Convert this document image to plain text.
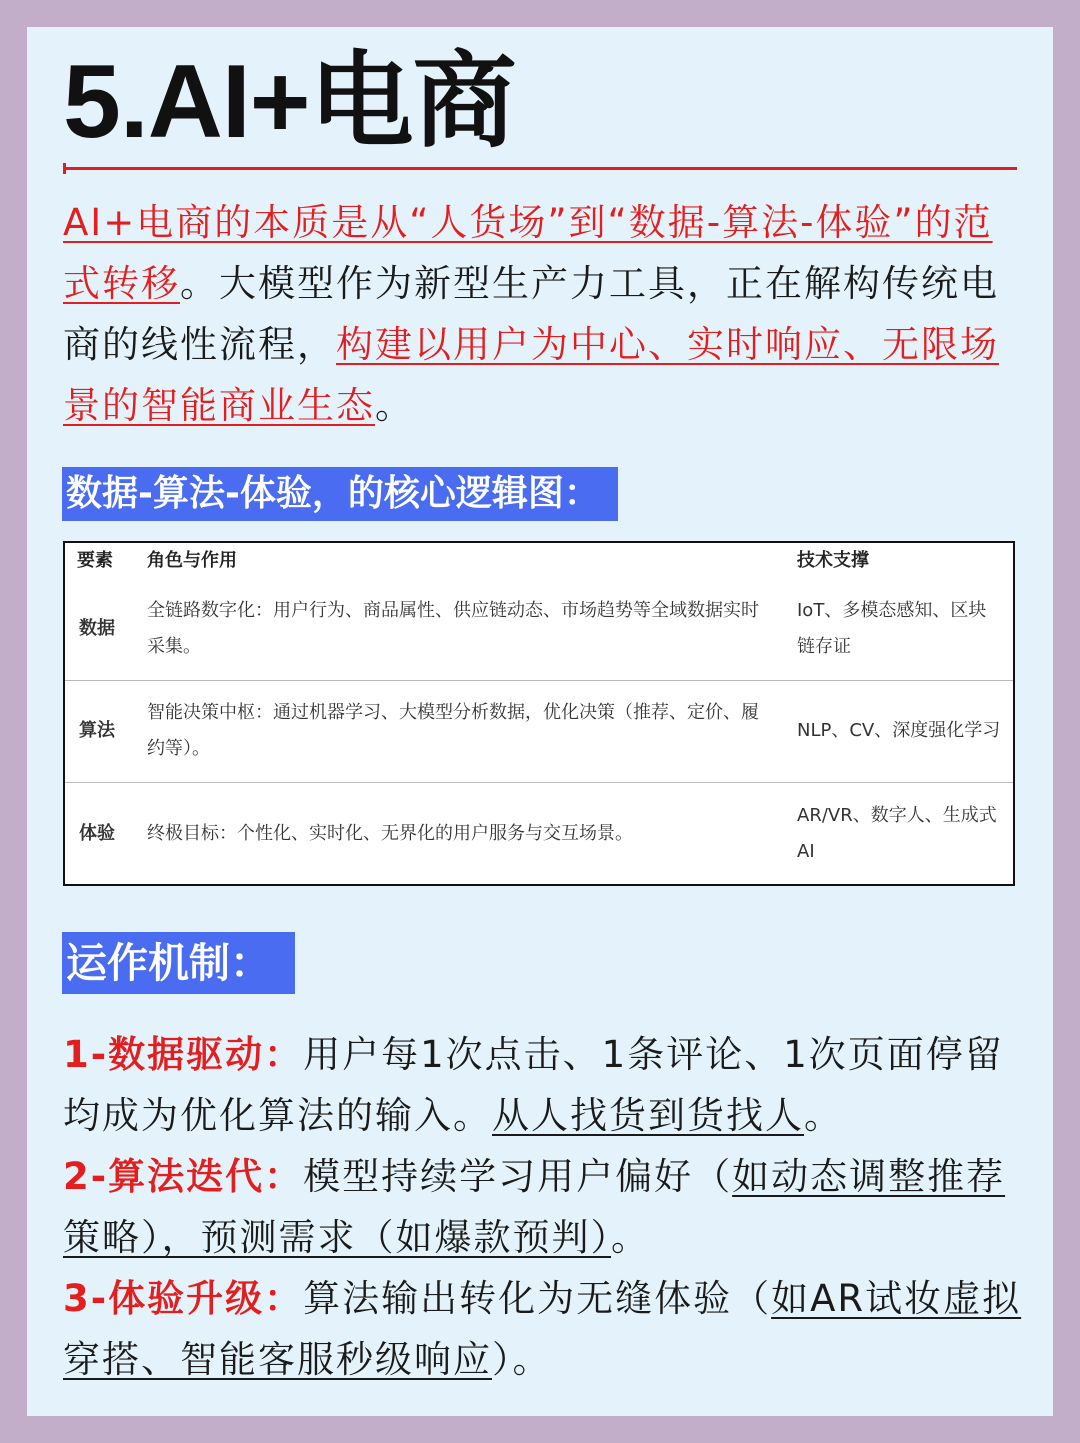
5.AI+电商

AI+电商的本质是从“人货场”到“数据-算法-体验”的范式转移。大模型作为新型生产力工具，正在解构传统电商的线性流程，构建以用户为中心、实时响应、无限场景的智能商业生态。

数据-算法-体验，的核心逻辑图：

要素	角色与作用	技术支撑
数据	全链路数字化：用户行为、商品属性、供应链动态、市场趋势等全域数据实时采集。	IoT、多模态感知、区块链存证
算法	智能决策中枢：通过机器学习、大模型分析数据，优化决策（推荐、定价、履约等）。	NLP、CV、深度强化学习
体验	终极目标：个性化、实时化、无界化的用户服务与交互场景。	AR/VR、数字人、生成式AI

运作机制：

1-数据驱动：用户每1次点击、1条评论、1次页面停留均成为优化算法的输入。从人找货到货找人。

2-算法迭代：模型持续学习用户偏好（如动态调整推荐策略），预测需求（如爆款预判）。

3-体验升级：算法输出转化为无缝体验（如AR试妆虚拟穿搭、智能客服秒级响应）。
